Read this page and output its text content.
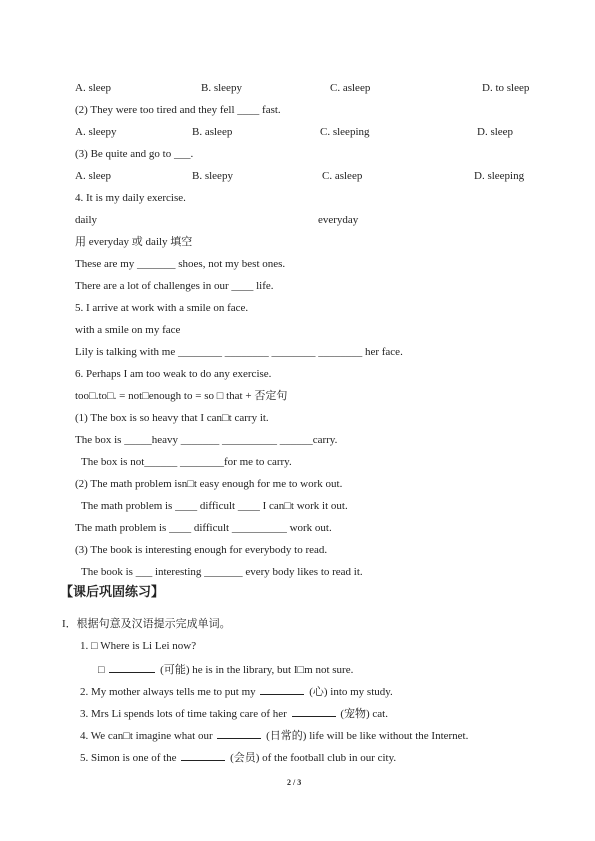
A. sleep	B. sleepy	C. asleep	D. to sleep
(2) They were too tired and they fell ____ fast.
A. sleepy	B. asleep	C. sleeping	D. sleep
(3) Be quite and go to ___.
A. sleep	B. sleepy	C. asleep	D. sleeping
4. It is my daily exercise.
daily	everyday
用 everyday 或 daily 填空
These are my _______ shoes, not my best ones.
There are a lot of challenges in our ____ life.
5. I arrive at work with a smile on face.
with a smile on my face
Lily is talking with me ________ ________ ________ ________ her face.
6. Perhaps I am too weak to do any exercise.
too□.to□. = not□enough to = so □ that + 否定句
(1) The box is so heavy that I can□t carry it.
The box is _____heavy _______ __________ ______carry.
The box is not______ ________for me to carry.
(2) The math problem isn□t easy enough for me to work out.
The math problem is ____ difficult ____ I can□t work it out.
The math problem is ____ difficult __________ work out.
(3) The book is interesting enough for everybody to read.
The book is ___ interesting _______ every body likes to read it.
【课后巩固练习】
I．根据句意及汉语提示完成单词。
1. □ Where is Li Lei now?
□	(可能) he is in the library, but I□m not sure.
2. My mother always tells me to put my	(心) into my study.
3. Mrs Li spends lots of time taking care of her	(宠物) cat.
4. We can□t imagine what our	(日常的) life will be like without the Internet.
5. Simon is one of the	(会员) of the football club in our city.
2 / 3
